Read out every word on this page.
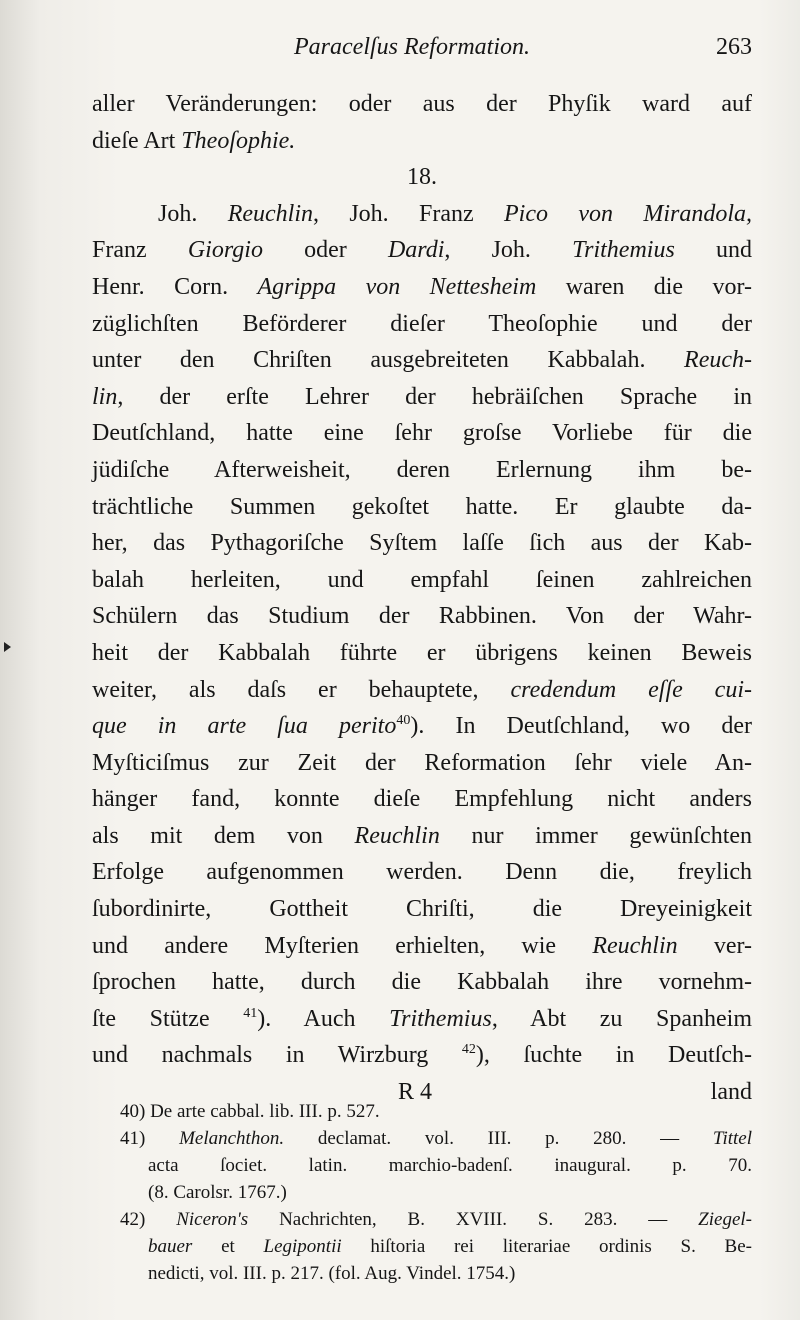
Paracelſus Reformation.	263
aller Veränderungen: oder aus der Phyſik ward auf
dieſe Art Theoſophie.
18.
Joh. Reuchlin, Joh. Franz Pico von Mirandola,
Franz Giorgio oder Dardi, Joh. Trithemius und
Henr. Corn. Agrippa von Nettesheim waren die vor-
züglichſten Beförderer dieſer Theoſophie und der
unter den Chriſten ausgebreiteten Kabbalah. Reuch-
lin, der erſte Lehrer der hebräiſchen Sprache in
Deutſchland, hatte eine ſehr groſse Vorliebe für die
jüdiſche Afterweisheit, deren Erlernung ihm be-
trächtliche Summen gekoſtet hatte. Er glaubte da-
her, das Pythagoriſche Syſtem laſſe ſich aus der Kab-
balah herleiten, und empfahl ſeinen zahlreichen
Schülern das Studium der Rabbinen. Von der Wahr-
heit der Kabbalah führte er übrigens keinen Beweis
weiter, als daſs er behauptete, credendum eſſe cui-
que in arte ſua perito$^{40}$). In Deutſchland, wo der
Myſticiſmus zur Zeit der Reformation ſehr viele An-
hänger fand, konnte dieſe Empfehlung nicht anders
als mit dem von Reuchlin nur immer gewünſchten
Erfolge aufgenommen werden. Denn die, freylich
ſubordinirte, Gottheit Chriſti, die Dreyeinigkeit
und andere Myſterien erhielten, wie Reuchlin ver-
ſprochen hatte, durch die Kabbalah ihre vornehm-
ſte Stütze $^{41}$). Auch Trithemius, Abt zu Spanheim
und nachmals in Wirzburg $^{42}$), ſuchte in Deutſch-
R 4	land
40) De arte cabbal. lib. III. p. 527.
41) Melanchthon. declamat. vol. III. p. 280. — Tittel
acta ſociet. latin. marchio-badenſ. inaugural. p. 70.
(8. Carolsr. 1767.)
42) Niceron's Nachrichten, B. XVIII. S. 283. — Ziegel-
bauer et Legipontii hiſtoria rei literariae ordinis S. Be-
nedicti, vol. III. p. 217. (fol. Aug. Vindel. 1754.)
